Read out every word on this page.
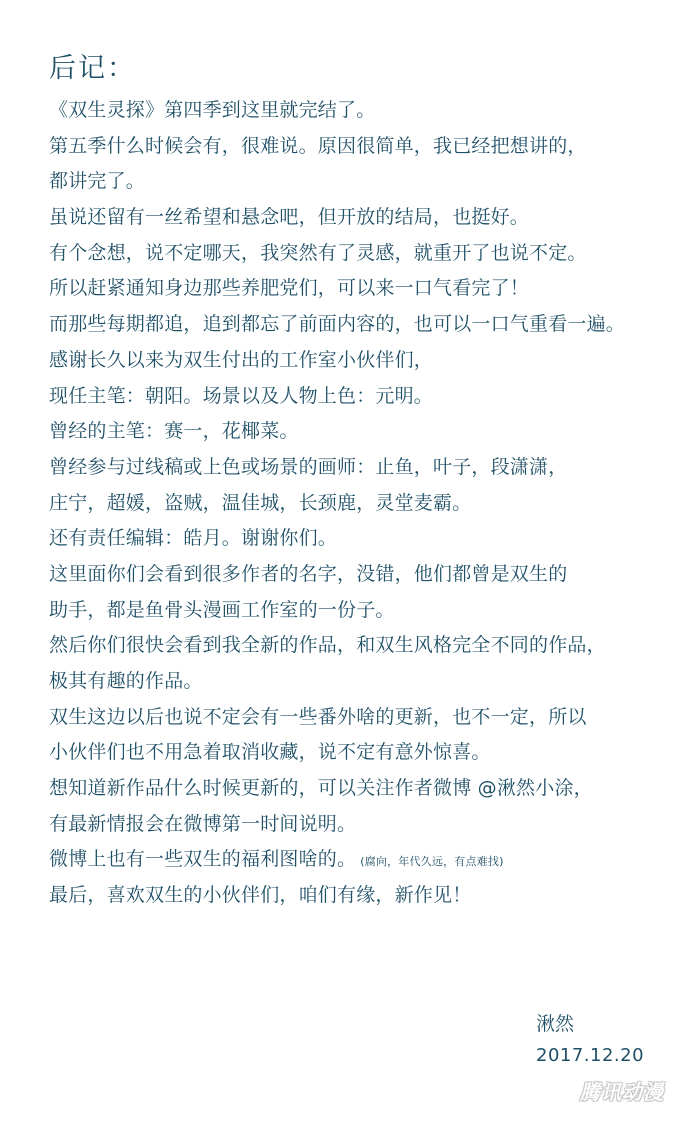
后记：
《双生灵探》第四季到这里就完结了。
第五季什么时候会有，很难说。原因很简单，我已经把想讲的，
都讲完了。
虽说还留有一丝希望和悬念吧，但开放的结局，也挺好。
有个念想，说不定哪天，我突然有了灵感，就重开了也说不定。
所以赶紧通知身边那些养肥党们，可以来一口气看完了！
而那些每期都追，追到都忘了前面内容的，也可以一口气重看一遍。
感谢长久以来为双生付出的工作室小伙伴们，
现任主笔：朝阳。场景以及人物上色：元明。
曾经的主笔：赛一，花椰菜。
曾经参与过线稿或上色或场景的画师：止鱼，叶子，段潇潇，
庄宁，超媛，盗贼，温佳城，长颈鹿，灵堂麦霸。
还有责任编辑：皓月。谢谢你们。
这里面你们会看到很多作者的名字，没错，他们都曾是双生的
助手，都是鱼骨头漫画工作室的一份子。
然后你们很快会看到我全新的作品，和双生风格完全不同的作品，
极其有趣的作品。
双生这边以后也说不定会有一些番外啥的更新，也不一定，所以
小伙伴们也不用急着取消收藏，说不定有意外惊喜。
想知道新作品什么时候更新的，可以关注作者微博 @湫然小涂，
有最新情报会在微博第一时间说明。
微博上也有一些双生的福利图啥的。 (腐向，年代久远，有点难找)
最后，喜欢双生的小伙伴们，咱们有缘，新作见！
湫然
2017.12.20
腾讯动漫
